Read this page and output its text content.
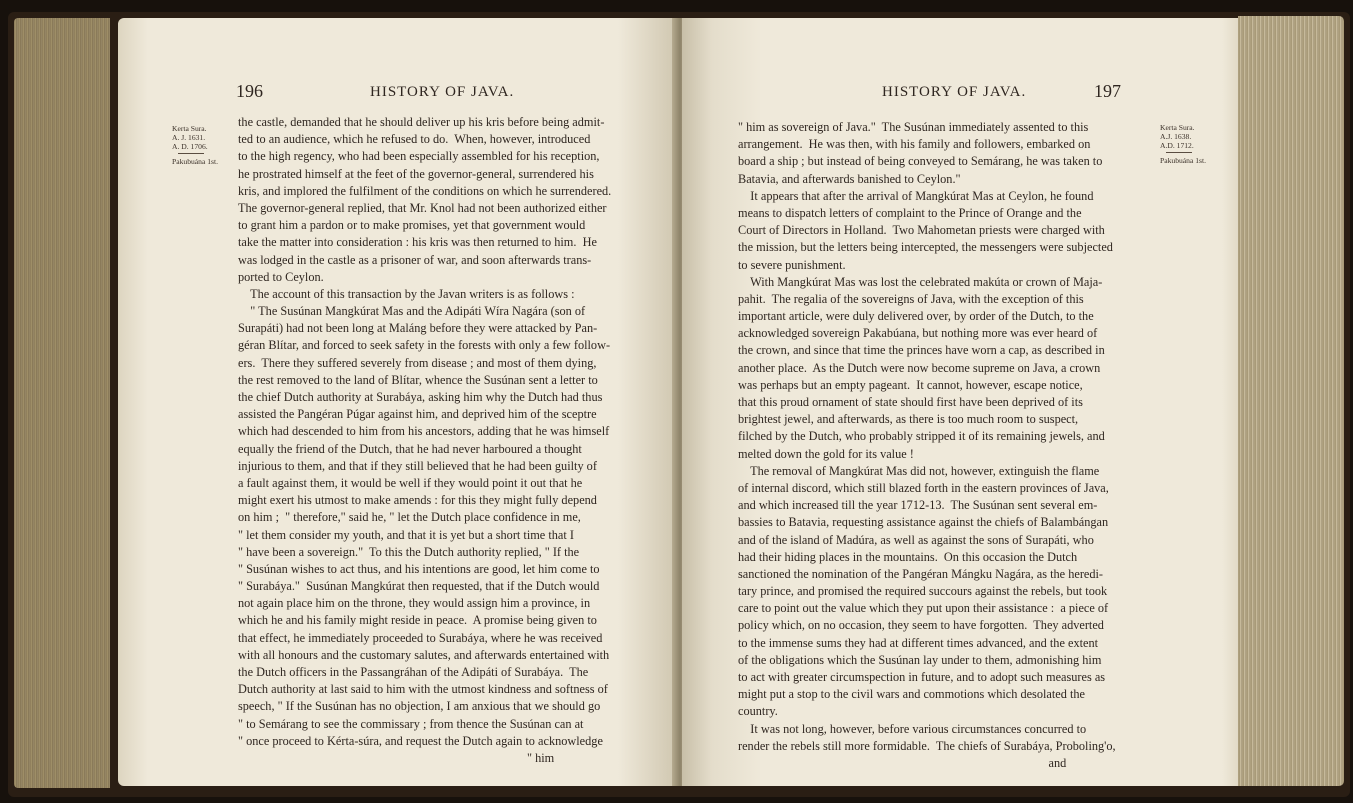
196	HISTORY OF JAVA.
Kerta Sura.
A. J. 1631.
A. D. 1706.
Pakubuána 1st.
the castle, demanded that he should deliver up his kris before being admit-
ted to an audience, which he refused to do.  When, however, introduced
to the high regency, who had been especially assembled for his reception,
he prostrated himself at the feet of the governor-general, surrendered his
kris, and implored the fulfilment of the conditions on which he surrendered.
The governor-general replied, that Mr. Knol had not been authorized either
to grant him a pardon or to make promises, yet that government would
take the matter into consideration : his kris was then returned to him.  He
was lodged in the castle as a prisoner of war, and soon afterwards trans-
ported to Ceylon.
The account of this transaction by the Javan writers is as follows :
" The Susúnan Mangkúrat Mas and the Adipáti Wíra Nagára (son of
Surapáti) had not been long at Maláng before they were attacked by Pan-
géran Blítar, and forced to seek safety in the forests with only a few follow-
ers.  There they suffered severely from disease ; and most of them dying,
the rest removed to the land of Blítar, whence the Susúnan sent a letter to
the chief Dutch authority at Surabáya, asking him why the Dutch had thus
assisted the Pangéran Púgar against him, and deprived him of the sceptre
which had descended to him from his ancestors, adding that he was himself
equally the friend of the Dutch, that he had never harboured a thought
injurious to them, and that if they still believed that he had been guilty of
a fault against them, it would be well if they would point it out that he
might exert his utmost to make amends : for this they might fully depend
on him ;  " therefore," said he, " let the Dutch place confidence in me,
" let them consider my youth, and that it is yet but a short time that I
" have been a sovereign."  To this the Dutch authority replied, " If the
" Susúnan wishes to act thus, and his intentions are good, let him come to
" Surabáya."  Susúnan Mangkúrat then requested, that if the Dutch would
not again place him on the throne, they would assign him a province, in
which he and his family might reside in peace.  A promise being given to
that effect, he immediately proceeded to Surabáya, where he was received
with all honours and the customary salutes, and afterwards entertained with
the Dutch officers in the Passangráhan of the Adipáti of Surabáya.  The
Dutch authority at last said to him with the utmost kindness and softness of
speech, " If the Susúnan has no objection, I am anxious that we should go
" to Semárang to see the commissary ; from thence the Susúnan can at
" once proceed to Kérta-súra, and request the Dutch again to acknowledge
" him
HISTORY OF JAVA.	197
" him as sovereign of Java."  The Susúnan immediately assented to this
arrangement.  He was then, with his family and followers, embarked on
board a ship ; but instead of being conveyed to Semárang, he was taken to
Batavia, and afterwards banished to Ceylon."
It appears that after the arrival of Mangkúrat Mas at Ceylon, he found
means to dispatch letters of complaint to the Prince of Orange and the
Court of Directors in Holland.  Two Mahometan priests were charged with
the mission, but the letters being intercepted, the messengers were subjected
to severe punishment.
With Mangkúrat Mas was lost the celebrated makúta or crown of Maja-
pahit.  The regalia of the sovereigns of Java, with the exception of this
important article, were duly delivered over, by order of the Dutch, to the
acknowledged sovereign Pakabúana, but nothing more was ever heard of
the crown, and since that time the princes have worn a cap, as described in
another place.  As the Dutch were now become supreme on Java, a crown
was perhaps but an empty pageant.  It cannot, however, escape notice,
that this proud ornament of state should first have been deprived of its
brightest jewel, and afterwards, as there is too much room to suspect,
filched by the Dutch, who probably stripped it of its remaining jewels, and
melted down the gold for its value !
The removal of Mangkúrat Mas did not, however, extinguish the flame
of internal discord, which still blazed forth in the eastern provinces of Java,
and which increased till the year 1712-13.  The Susúnan sent several em-
bassies to Batavia, requesting assistance against the chiefs of Balambángan
and of the island of Madúra, as well as against the sons of Surapáti, who
had their hiding places in the mountains.  On this occasion the Dutch
sanctioned the nomination of the Pangéran Mángku Nagára, as the heredi-
tary prince, and promised the required succours against the rebels, but took
care to point out the value which they put upon their assistance :  a piece of
policy which, on no occasion, they seem to have forgotten.  They adverted
to the immense sums they had at different times advanced, and the extent
of the obligations which the Susúnan lay under to them, admonishing him
to act with greater circumspection in future, and to adopt such measures as
might put a stop to the civil wars and commotions which desolated the
country.
It was not long, however, before various circumstances concurred to
render the rebels still more formidable.  The chiefs of Surabáya, Proboling'o,
and
Kerta Sura.
A.J. 1638.
A.D. 1712.
Pakubuána 1st.
